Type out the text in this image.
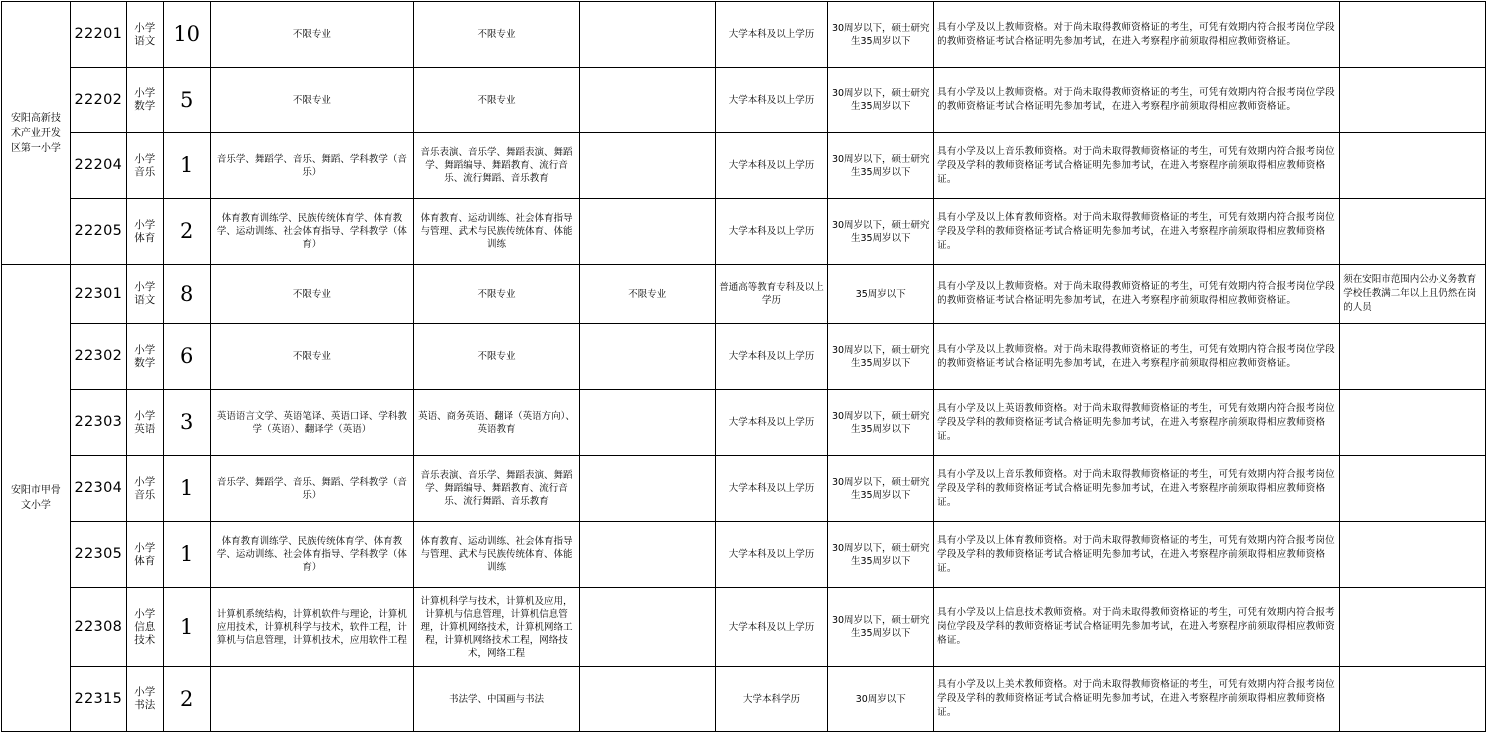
安阳高新技术产业开发区第一小学	22201	小学语文	10	不限专业	不限专业		大学本科及以上学历	30周岁以下，硕士研究生35周岁以下	具有小学及以上教师资格。对于尚未取得教师资格证的考生，可凭有效期内符合报考岗位学段的教师资格证考试合格证明先参加考试，在进入考察程序前须取得相应教师资格证。	
	22202	小学数学	5	不限专业	不限专业		大学本科及以上学历	30周岁以下，硕士研究生35周岁以下	具有小学及以上教师资格。对于尚未取得教师资格证的考生，可凭有效期内符合报考岗位学段的教师资格证考试合格证明先参加考试，在进入考察程序前须取得相应教师资格证。	
	22204	小学音乐	1	音乐学、舞蹈学、音乐、舞蹈、学科教学（音乐）	音乐表演、音乐学、舞蹈表演、舞蹈学、舞蹈编导、舞蹈教育、流行音乐、流行舞蹈、音乐教育		大学本科及以上学历	30周岁以下，硕士研究生35周岁以下	具有小学及以上音乐教师资格。对于尚未取得教师资格证的考生，可凭有效期内符合报考岗位学段及学科的教师资格证考试合格证明先参加考试，在进入考察程序前须取得相应教师资格证。	
	22205	小学体育	2	体育教育训练学、民族传统体育学、体育教学、运动训练、社会体育指导、学科教学（体育）	体育教育、运动训练、社会体育指导与管理、武术与民族传统体育、体能训练		大学本科及以上学历	30周岁以下，硕士研究生35周岁以下	具有小学及以上体育教师资格。对于尚未取得教师资格证的考生，可凭有效期内符合报考岗位学段及学科的教师资格证考试合格证明先参加考试，在进入考察程序前须取得相应教师资格证。	
安阳市甲骨文小学	22301	小学语文	8	不限专业	不限专业	不限专业	普通高等教育专科及以上学历	35周岁以下	具有小学及以上教师资格。对于尚未取得教师资格证的考生，可凭有效期内符合报考岗位学段的教师资格证考试合格证明先参加考试，在进入考察程序前须取得相应教师资格证。	须在安阳市范围内公办义务教育学校任教满二年以上且仍然在岗的人员
	22302	小学数学	6	不限专业	不限专业		大学本科及以上学历	30周岁以下，硕士研究生35周岁以下	具有小学及以上教师资格。对于尚未取得教师资格证的考生，可凭有效期内符合报考岗位学段的教师资格证考试合格证明先参加考试，在进入考察程序前须取得相应教师资格证。	
	22303	小学英语	3	英语语言文学、英语笔译、英语口译、学科教学（英语）、翻译学（英语）	英语、商务英语、翻译（英语方向）、英语教育		大学本科及以上学历	30周岁以下，硕士研究生35周岁以下	具有小学及以上英语教师资格。对于尚未取得教师资格证的考生，可凭有效期内符合报考岗位学段及学科的教师资格证考试合格证明先参加考试，在进入考察程序前须取得相应教师资格证。	
	22304	小学音乐	1	音乐学、舞蹈学、音乐、舞蹈、学科教学（音乐）	音乐表演、音乐学、舞蹈表演、舞蹈学、舞蹈编导、舞蹈教育、流行音乐、流行舞蹈、音乐教育		大学本科及以上学历	30周岁以下，硕士研究生35周岁以下	具有小学及以上音乐教师资格。对于尚未取得教师资格证的考生，可凭有效期内符合报考岗位学段及学科的教师资格证考试合格证明先参加考试，在进入考察程序前须取得相应教师资格证。	
	22305	小学体育	1	体育教育训练学、民族传统体育学、体育教学、运动训练、社会体育指导、学科教学（体育）	体育教育、运动训练、社会体育指导与管理、武术与民族传统体育、体能训练		大学本科及以上学历	30周岁以下，硕士研究生35周岁以下	具有小学及以上体育教师资格。对于尚未取得教师资格证的考生，可凭有效期内符合报考岗位学段及学科的教师资格证考试合格证明先参加考试，在进入考察程序前须取得相应教师资格证。	
	22308	小学信息技术	1	计算机系统结构，计算机软件与理论，计算机应用技术，计算机科学与技术，软件工程，计算机与信息管理，计算机技术，应用软件工程	计算机科学与技术，计算机及应用，计算机与信息管理，计算机信息管理，计算机网络技术，计算机网络工程，计算机网络技术工程，网络技术，网络工程		大学本科及以上学历	30周岁以下，硕士研究生35周岁以下	具有小学及以上信息技术教师资格。对于尚未取得教师资格证的考生，可凭有效期内符合报考岗位学段及学科的教师资格证考试合格证明先参加考试，在进入考察程序前须取得相应教师资格证。	
	22315	小学书法	2		书法学、中国画与书法		大学本科学历	30周岁以下	具有小学及以上美术教师资格。对于尚未取得教师资格证的考生，可凭有效期内符合报考岗位学段及学科的教师资格证考试合格证明先参加考试，在进入考察程序前须取得相应教师资格证。	
